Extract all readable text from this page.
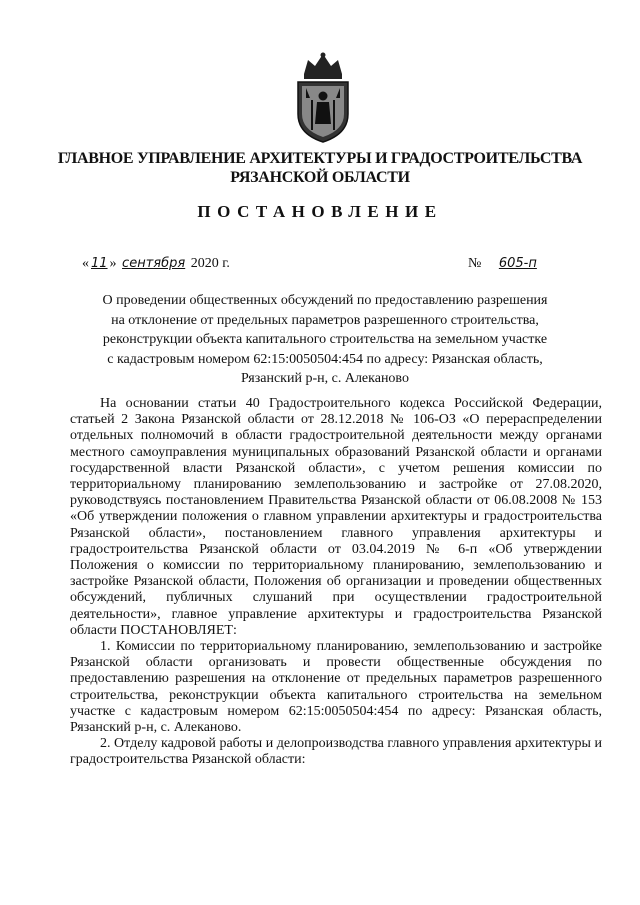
ГЛАВНОЕ УПРАВЛЕНИЕ АРХИТЕКТУРЫ И ГРАДОСТРОИТЕЛЬСТВА
РЯЗАНСКОЙ ОБЛАСТИ
ПОСТАНОВЛЕНИЕ
« 11 » сентября 2020 г.	№ 605-п
О проведении общественных обсуждений по предоставлению разрешения
на отклонение от предельных параметров разрешенного строительства,
реконструкции объекта капитального строительства на земельном участке
с кадастровым номером 62:15:0050504:454 по адресу: Рязанская область,
Рязанский р-н, с. Алеканово

На основании статьи 40 Градостроительного кодекса Российской Федерации, статьей 2 Закона Рязанской области от 28.12.2018 № 106-ОЗ «О перераспределении отдельных полномочий в области градостроительной деятельности между органами местного самоуправления муниципальных образований Рязанской области и органами государственной власти Рязанской области», с учетом решения комиссии по территориальному планированию землепользованию и застройке от 27.08.2020, руководствуясь постановлением Правительства Рязанской области от 06.08.2008 № 153 «Об утверждении положения о главном управлении архитектуры и градостроительства Рязанской области», постановлением главного управления архитектуры и градостроительства Рязанской области от 03.04.2019 № 6-п «Об утверждении Положения о комиссии по территориальному планированию, землепользованию и застройке Рязанской области, Положения об организации и проведении общественных обсуждений, публичных слушаний при осуществлении градостроительной деятельности», главное управление архитектуры и градостроительства Рязанской области ПОСТАНОВЛЯЕТ:

1. Комиссии по территориальному планированию, землепользованию и застройке Рязанской области организовать и провести общественные обсуждения по предоставлению разрешения на отклонение от предельных параметров разрешенного строительства, реконструкции объекта капитального строительства на земельном участке с кадастровым номером 62:15:0050504:454 по адресу: Рязанская область, Рязанский р-н, с. Алеканово.

2. Отделу кадровой работы и делопроизводства главного управления архитектуры и градостроительства Рязанской области:
